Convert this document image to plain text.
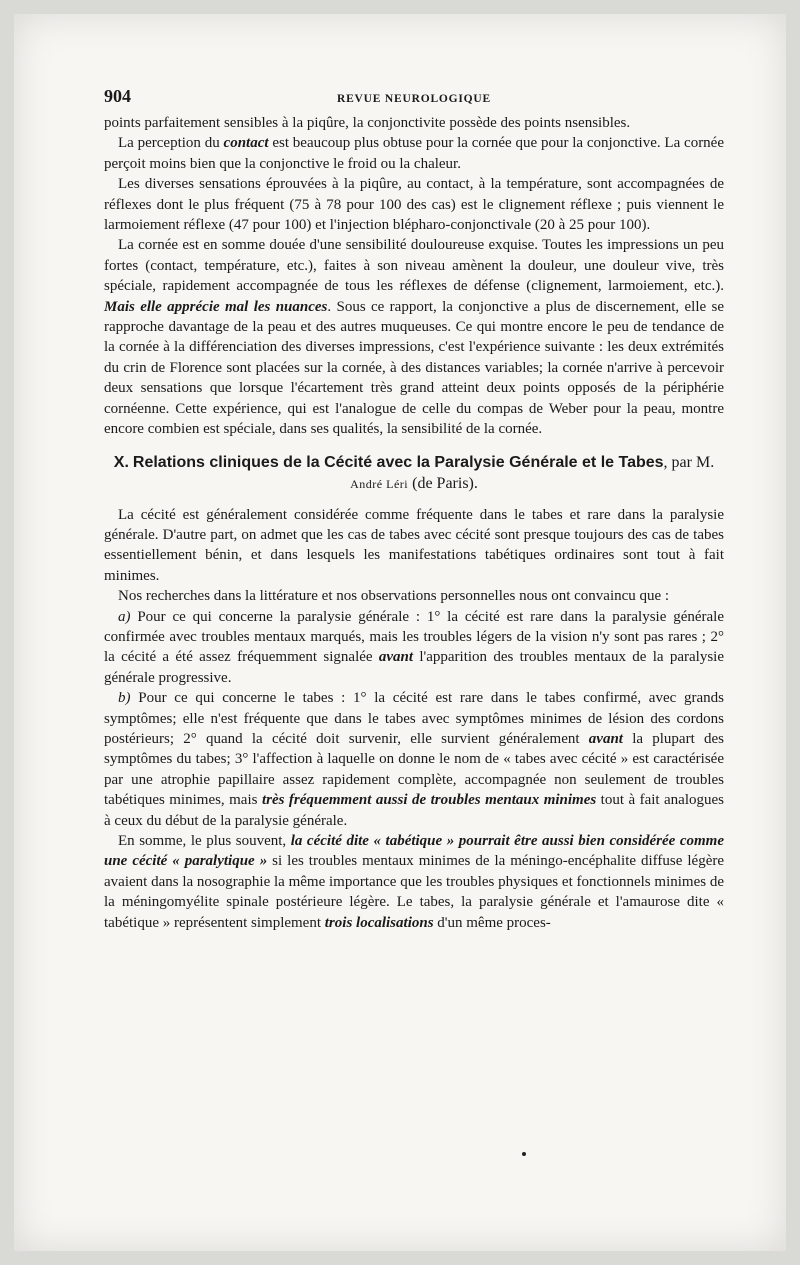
904	REVUE NEUROLOGIQUE

points parfaitement sensibles à la piqûre, la conjonctivite possède des points nsensibles.

La perception du contact est beaucoup plus obtuse pour la cornée que pour la conjonctive. La cornée perçoit moins bien que la conjonctive le froid ou la chaleur.

Les diverses sensations éprouvées à la piqûre, au contact, à la température, sont accompagnées de réflexes dont le plus fréquent (75 à 78 pour 100 des cas) est le clignement réflexe ; puis viennent le larmoiement réflexe (47 pour 100) et l'injection blépharo-conjonctivale (20 à 25 pour 100).

La cornée est en somme douée d'une sensibilité douloureuse exquise. Toutes les impressions un peu fortes (contact, température, etc.), faites à son niveau amènent la douleur, une douleur vive, très spéciale, rapidement accompagnée de tous les réflexes de défense (clignement, larmoiement, etc.). Mais elle apprécie mal les nuances. Sous ce rapport, la conjonctive a plus de discernement, elle se rapproche davantage de la peau et des autres muqueuses. Ce qui montre encore le peu de tendance de la cornée à la différenciation des diverses impressions, c'est l'expérience suivante : les deux extrémités du crin de Florence sont placées sur la cornée, à des distances variables; la cornée n'arrive à percevoir deux sensations que lorsque l'écartement très grand atteint deux points opposés de la périphérie cornéenne. Cette expérience, qui est l'analogue de celle du compas de Weber pour la peau, montre encore combien est spéciale, dans ses qualités, la sensibilité de la cornée.

X. Relations cliniques de la Cécité avec la Paralysie Générale et le Tabes, par M. André Léri (de Paris).

La cécité est généralement considérée comme fréquente dans le tabes et rare dans la paralysie générale. D'autre part, on admet que les cas de tabes avec cécité sont presque toujours des cas de tabes essentiellement bénin, et dans lesquels les manifestations tabétiques ordinaires sont tout à fait minimes.

Nos recherches dans la littérature et nos observations personnelles nous ont convaincu que :

a) Pour ce qui concerne la paralysie générale : 1° la cécité est rare dans la paralysie générale confirmée avec troubles mentaux marqués, mais les troubles légers de la vision n'y sont pas rares ; 2° la cécité a été assez fréquemment signalée avant l'apparition des troubles mentaux de la paralysie générale progressive.

b) Pour ce qui concerne le tabes : 1° la cécité est rare dans le tabes confirmé, avec grands symptômes; elle n'est fréquente que dans le tabes avec symptômes minimes de lésion des cordons postérieurs; 2° quand la cécité doit survenir, elle survient généralement avant la plupart des symptômes du tabes; 3° l'affection à laquelle on donne le nom de « tabes avec cécité » est caractérisée par une atrophie papillaire assez rapidement complète, accompagnée non seulement de troubles tabétiques minimes, mais très fréquemment aussi de troubles mentaux minimes tout à fait analogues à ceux du début de la paralysie générale.

En somme, le plus souvent, la cécité dite « tabétique » pourrait être aussi bien considérée comme une cécité « paralytique » si les troubles mentaux minimes de la méningo-encéphalite diffuse légère avaient dans la nosographie la même importance que les troubles physiques et fonctionnels minimes de la méningomyélite spinale postérieure légère. Le tabes, la paralysie générale et l'amaurose dite « tabétique » représentent simplement trois localisations d'un même proces-
